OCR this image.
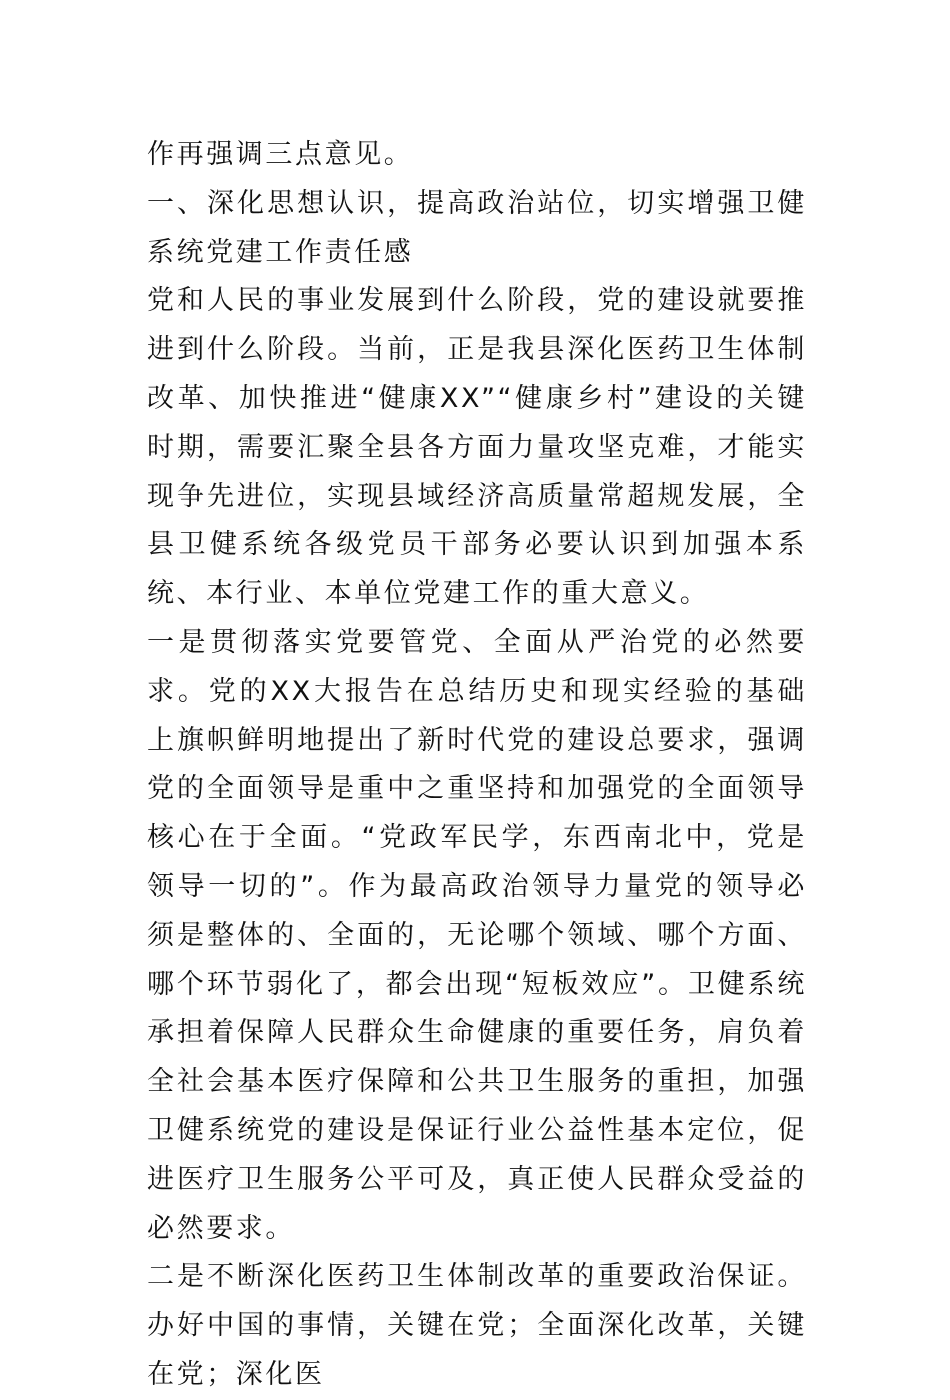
作再强调三点意见。

一、深化思想认识，提高政治站位，切实增强卫健系统党建工作责任感

党和人民的事业发展到什么阶段，党的建设就要推进到什么阶段。当前，正是我县深化医药卫生体制改革、加快推进“健康XX”“健康乡村”建设的关键时期，需要汇聚全县各方面力量攻坚克难，才能实现争先进位，实现县域经济高质量常超规发展，全县卫健系统各级党员干部务必要认识到加强本系统、本行业、本单位党建工作的重大意义。

一是贯彻落实党要管党、全面从严治党的必然要求。党的XX大报告在总结历史和现实经验的基础上旗帜鲜明地提出了新时代党的建设总要求，强调党的全面领导是重中之重坚持和加强党的全面领导核心在于全面。“党政军民学，东西南北中，党是领导一切的”。作为最高政治领导力量党的领导必须是整体的、全面的，无论哪个领域、哪个方面、哪个环节弱化了，都会出现“短板效应”。卫健系统承担着保障人民群众生命健康的重要任务，肩负着全社会基本医疗保障和公共卫生服务的重担，加强卫健系统党的建设是保证行业公益性基本定位，促进医疗卫生服务公平可及，真正使人民群众受益的必然要求。

二是不断深化医药卫生体制改革的重要政治保证。办好中国的事情，关键在党；全面深化改革，关键在党；深化医
